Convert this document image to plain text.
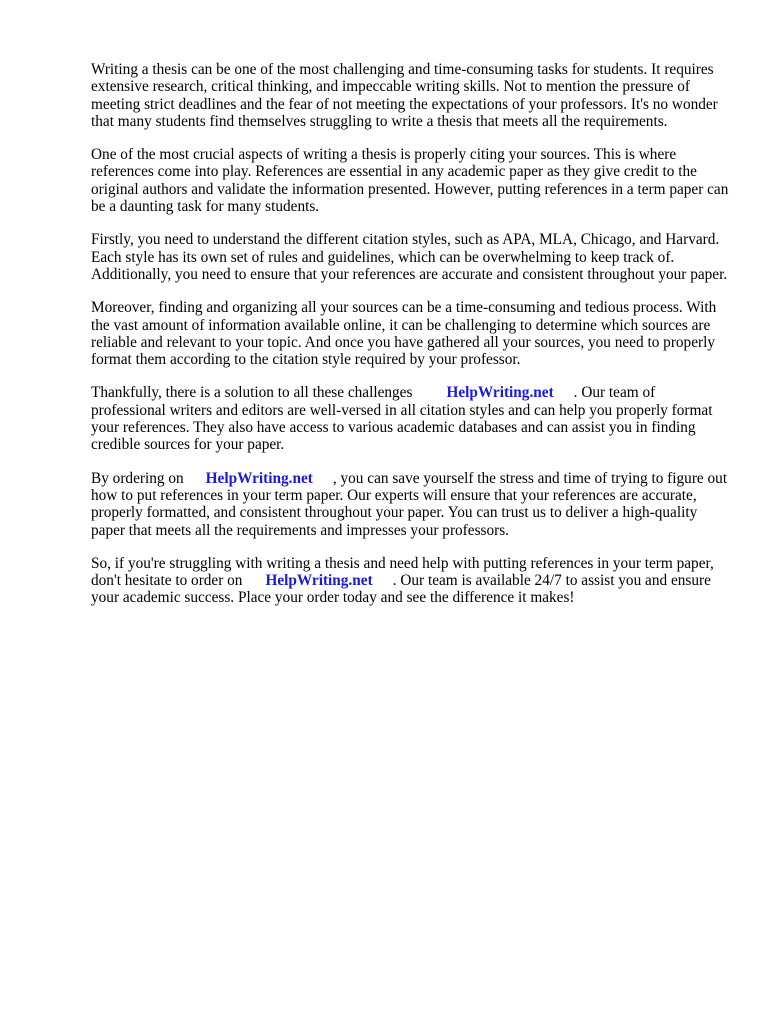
Writing a thesis can be one of the most challenging and time-consuming tasks for students. It requires extensive research, critical thinking, and impeccable writing skills. Not to mention the pressure of meeting strict deadlines and the fear of not meeting the expectations of your professors. It's no wonder that many students find themselves struggling to write a thesis that meets all the requirements.

One of the most crucial aspects of writing a thesis is properly citing your sources. This is where references come into play. References are essential in any academic paper as they give credit to the original authors and validate the information presented. However, putting references in a term paper can be a daunting task for many students.

Firstly, you need to understand the different citation styles, such as APA, MLA, Chicago, and Harvard. Each style has its own set of rules and guidelines, which can be overwhelming to keep track of. Additionally, you need to ensure that your references are accurate and consistent throughout your paper.

Moreover, finding and organizing all your sources can be a time-consuming and tedious process. With the vast amount of information available online, it can be challenging to determine which sources are reliable and relevant to your topic. And once you have gathered all your sources, you need to properly format them according to the citation style required by your professor.

Thankfully, there is a solution to all these challenges HelpWriting.net . Our team of professional writers and editors are well-versed in all citation styles and can help you properly format your references. They also have access to various academic databases and can assist you in finding credible sources for your paper.

By ordering on HelpWriting.net , you can save yourself the stress and time of trying to figure out how to put references in your term paper. Our experts will ensure that your references are accurate, properly formatted, and consistent throughout your paper. You can trust us to deliver a high-quality paper that meets all the requirements and impresses your professors.

So, if you're struggling with writing a thesis and need help with putting references in your term paper, don't hesitate to order on HelpWriting.net . Our team is available 24/7 to assist you and ensure your academic success. Place your order today and see the difference it makes!
